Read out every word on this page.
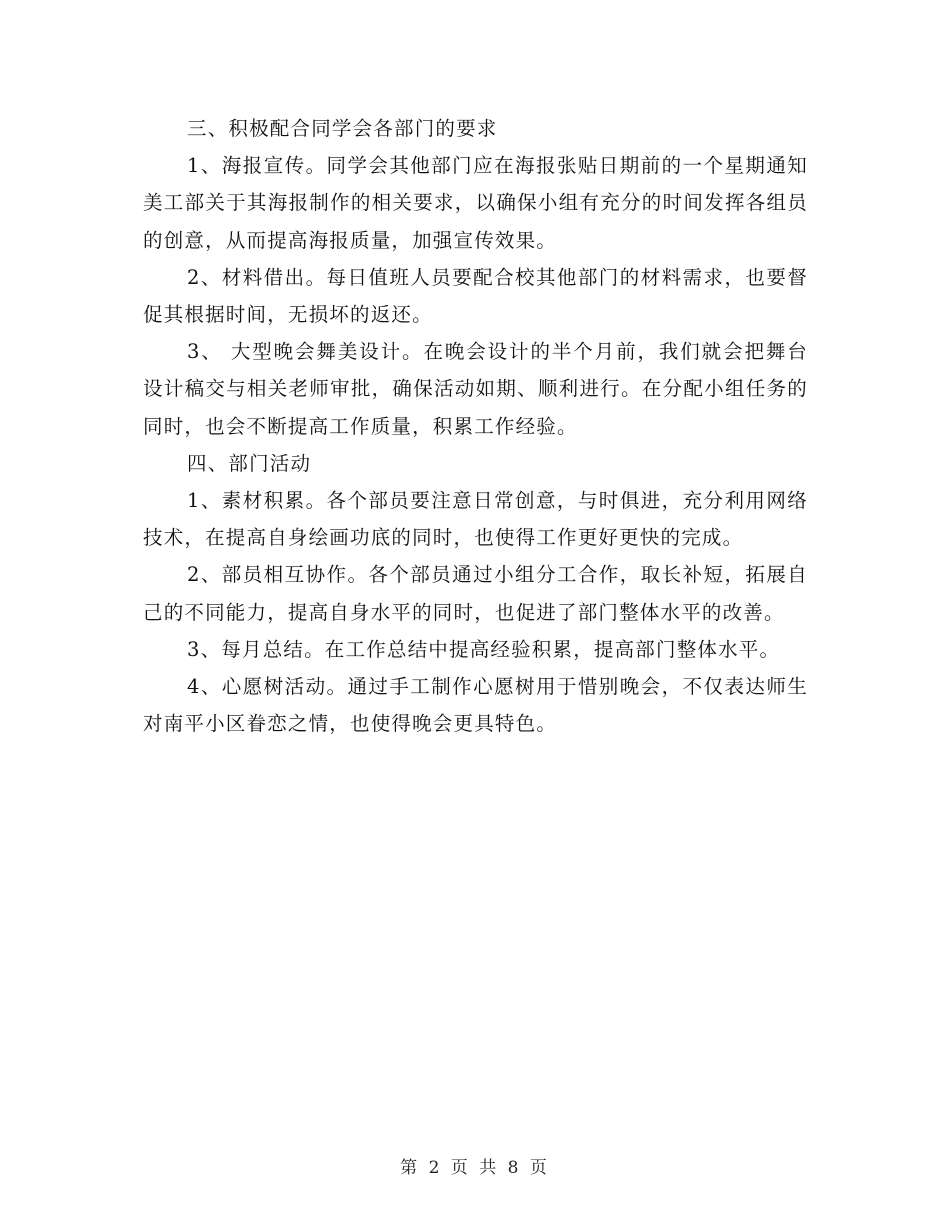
三、积极配合同学会各部门的要求

1、海报宣传。同学会其他部门应在海报张贴日期前的一个星期通知美工部关于其海报制作的相关要求，以确保小组有充分的时间发挥各组员的创意，从而提高海报质量，加强宣传效果。

2、材料借出。每日值班人员要配合校其他部门的材料需求，也要督促其根据时间，无损坏的返还。

3、 大型晚会舞美设计。在晚会设计的半个月前，我们就会把舞台设计稿交与相关老师审批，确保活动如期、顺利进行。在分配小组任务的同时，也会不断提高工作质量，积累工作经验。

四、部门活动

1、素材积累。各个部员要注意日常创意，与时俱进，充分利用网络技术，在提高自身绘画功底的同时，也使得工作更好更快的完成。

2、部员相互协作。各个部员通过小组分工合作，取长补短，拓展自己的不同能力，提高自身水平的同时，也促进了部门整体水平的改善。

3、每月总结。在工作总结中提高经验积累，提高部门整体水平。

4、心愿树活动。通过手工制作心愿树用于惜别晚会，不仅表达师生对南平小区眷恋之情，也使得晚会更具特色。

第 2 页 共 8 页
